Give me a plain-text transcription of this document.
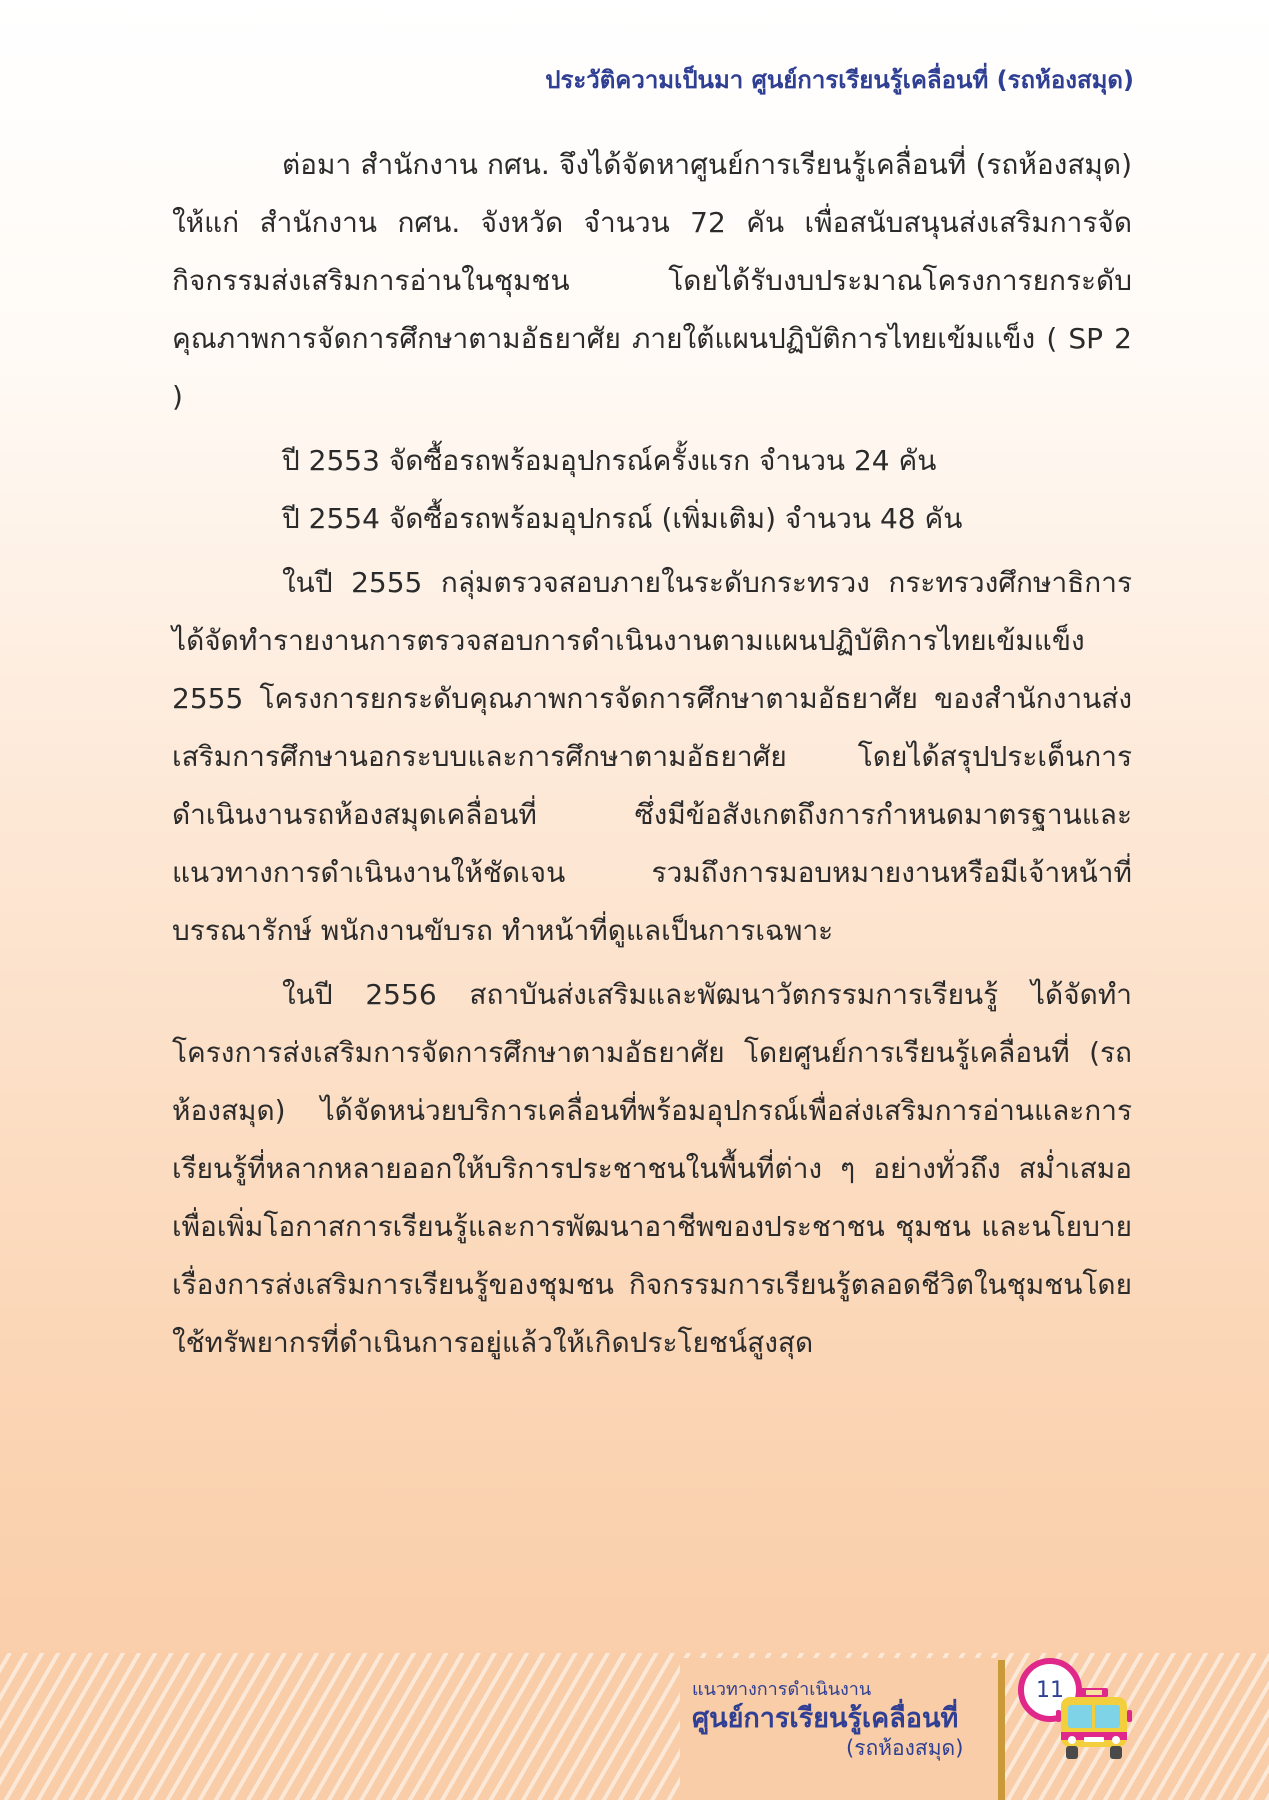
ประวัติความเป็นมา ศูนย์การเรียนรู้เคลื่อนที่ (รถห้องสมุด)

ต่อมา สำนักงาน กศน. จึงได้จัดหาศูนย์การเรียนรู้เคลื่อนที่ (รถห้องสมุด) ให้แก่ สำนักงาน กศน. จังหวัด จำนวน 72 คัน เพื่อสนับสนุนส่งเสริมการจัดกิจกรรมส่งเสริมการอ่านในชุมชน โดยได้รับงบประมาณโครงการยกระดับคุณภาพการจัดการศึกษาตามอัธยาศัย ภายใต้แผนปฏิบัติการไทยเข้มแข็ง ( SP 2 )

ปี 2553 จัดซื้อรถพร้อมอุปกรณ์ครั้งแรก จำนวน 24 คัน

ปี 2554 จัดซื้อรถพร้อมอุปกรณ์ (เพิ่มเติม) จำนวน 48 คัน

ในปี 2555 กลุ่มตรวจสอบภายในระดับกระทรวง กระทรวงศึกษาธิการ ได้จัดทำรายงานการตรวจสอบการดำเนินงานตามแผนปฏิบัติการไทยเข้มแข็ง 2555 โครงการยกระดับคุณภาพการจัดการศึกษาตามอัธยาศัย ของสำนักงานส่งเสริมการศึกษานอกระบบและการศึกษาตามอัธยาศัย โดยได้สรุปประเด็นการดำเนินงานรถห้องสมุดเคลื่อนที่ ซึ่งมีข้อสังเกตถึงการกำหนดมาตรฐานและแนวทางการดำเนินงานให้ชัดเจน รวมถึงการมอบหมายงานหรือมีเจ้าหน้าที่บรรณารักษ์ พนักงานขับรถ ทำหน้าที่ดูแลเป็นการเฉพาะ

ในปี 2556 สถาบันส่งเสริมและพัฒนาวัตกรรมการเรียนรู้ ได้จัดทำโครงการส่งเสริมการจัดการศึกษาตามอัธยาศัย โดยศูนย์การเรียนรู้เคลื่อนที่ (รถห้องสมุด) ได้จัดหน่วยบริการเคลื่อนที่พร้อมอุปกรณ์เพื่อส่งเสริมการอ่านและการเรียนรู้ที่หลากหลายออกให้บริการประชาชนในพื้นที่ต่าง ๆ อย่างทั่วถึง สม่ำเสมอเพื่อเพิ่มโอกาสการเรียนรู้และการพัฒนาอาชีพของประชาชน ชุมชน และนโยบาย เรื่องการส่งเสริมการเรียนรู้ของชุมชน กิจกรรมการเรียนรู้ตลอดชีวิตในชุมชนโดยใช้ทรัพยากรที่ดำเนินการอยู่แล้วให้เกิดประโยชน์สูงสุด

แนวทางการดำเนินงาน
ศูนย์การเรียนรู้เคลื่อนที่
(รถห้องสมุด)
11
